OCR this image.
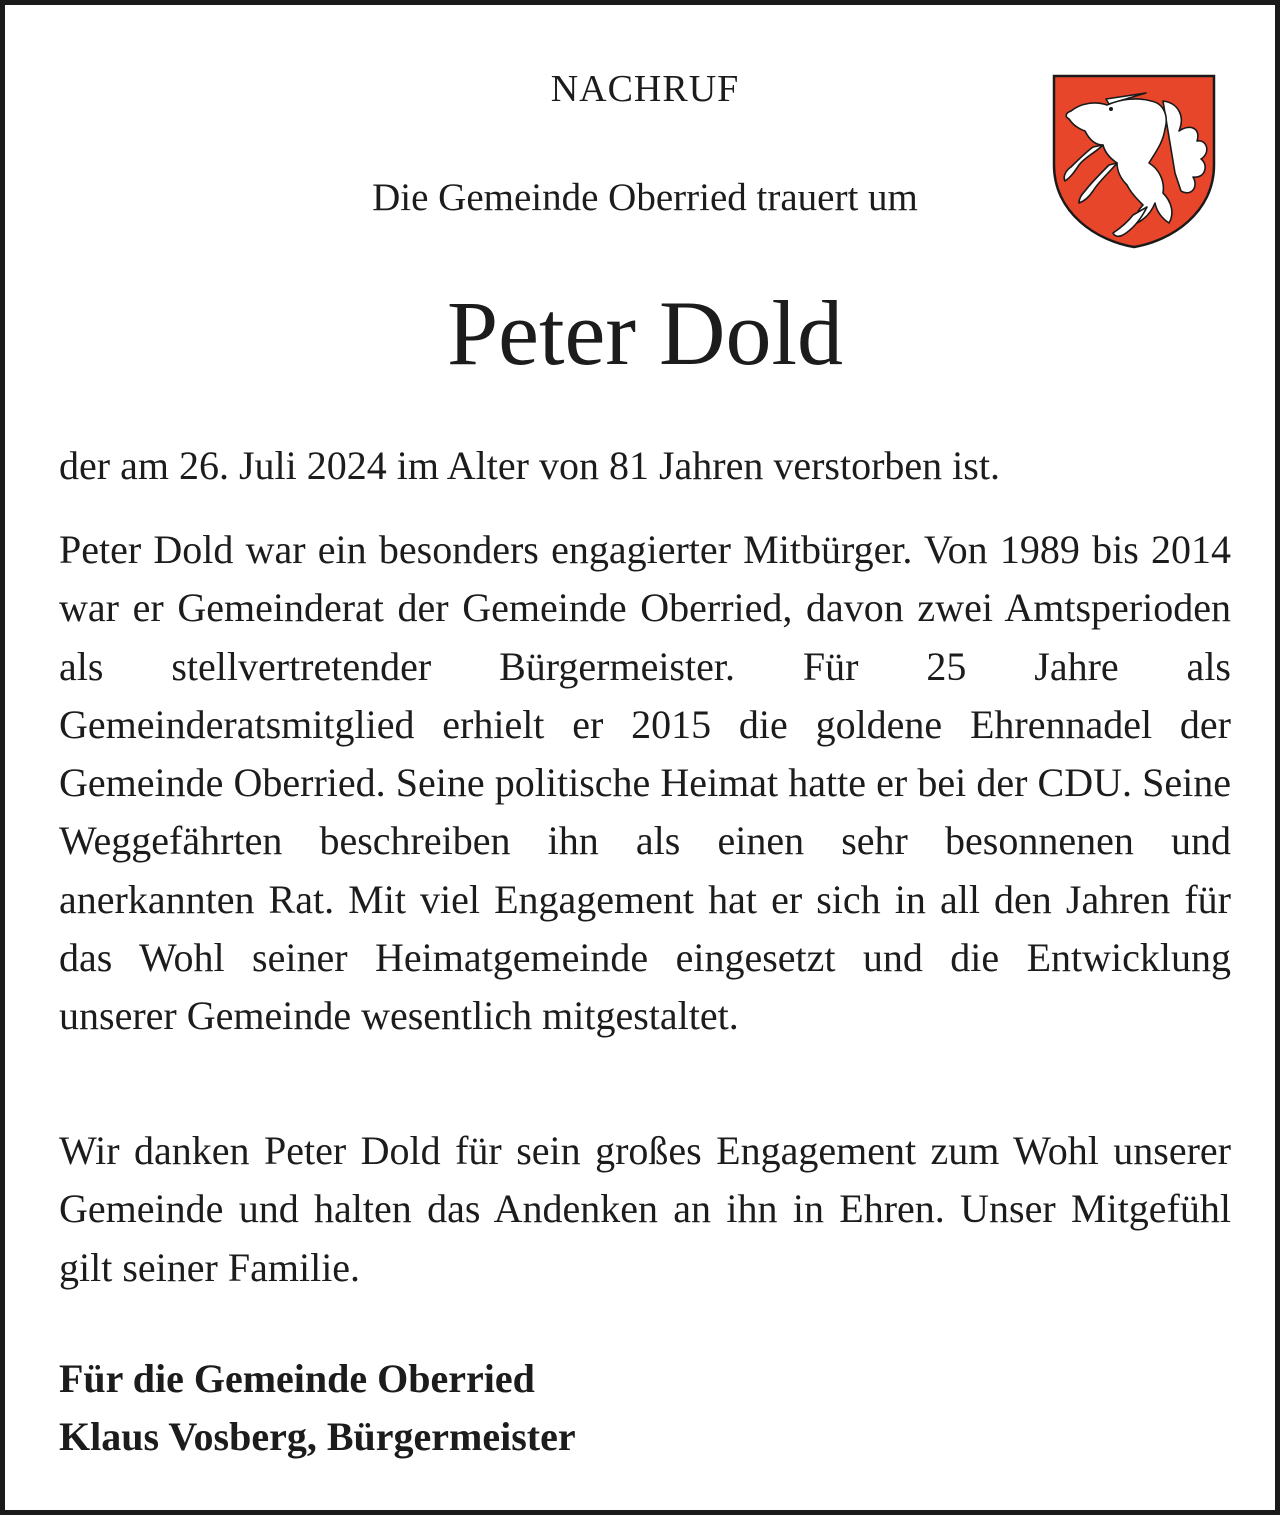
NACHRUF
Die Gemeinde Oberried trauert um
Peter Dold
der am 26. Juli 2024 im Alter von 81 Jahren verstorben ist.
Peter Dold war ein besonders engagierter Mitbürger. Von 1989 bis 2014 war er Gemeinderat der Gemeinde Oberried, davon zwei Amtsperioden als stellvertretender Bürgermeister. Für 25 Jahre als Gemeinderatsmitglied erhielt er 2015 die goldene Ehrennadel der Gemeinde Oberried. Seine politische Heimat hatte er bei der CDU. Seine Weggefährten beschreiben ihn als einen sehr besonnenen und anerkannten Rat. Mit viel Engagement hat er sich in all den Jahren für das Wohl seiner Heimatgemeinde eingesetzt und die Entwicklung unserer Gemeinde wesentlich mitgestaltet.
Wir danken Peter Dold für sein großes Engagement zum Wohl unserer Gemeinde und halten das Andenken an ihn in Ehren. Unser Mitgefühl gilt seiner Familie.
Für die Gemeinde Oberried
Klaus Vosberg, Bürgermeister
